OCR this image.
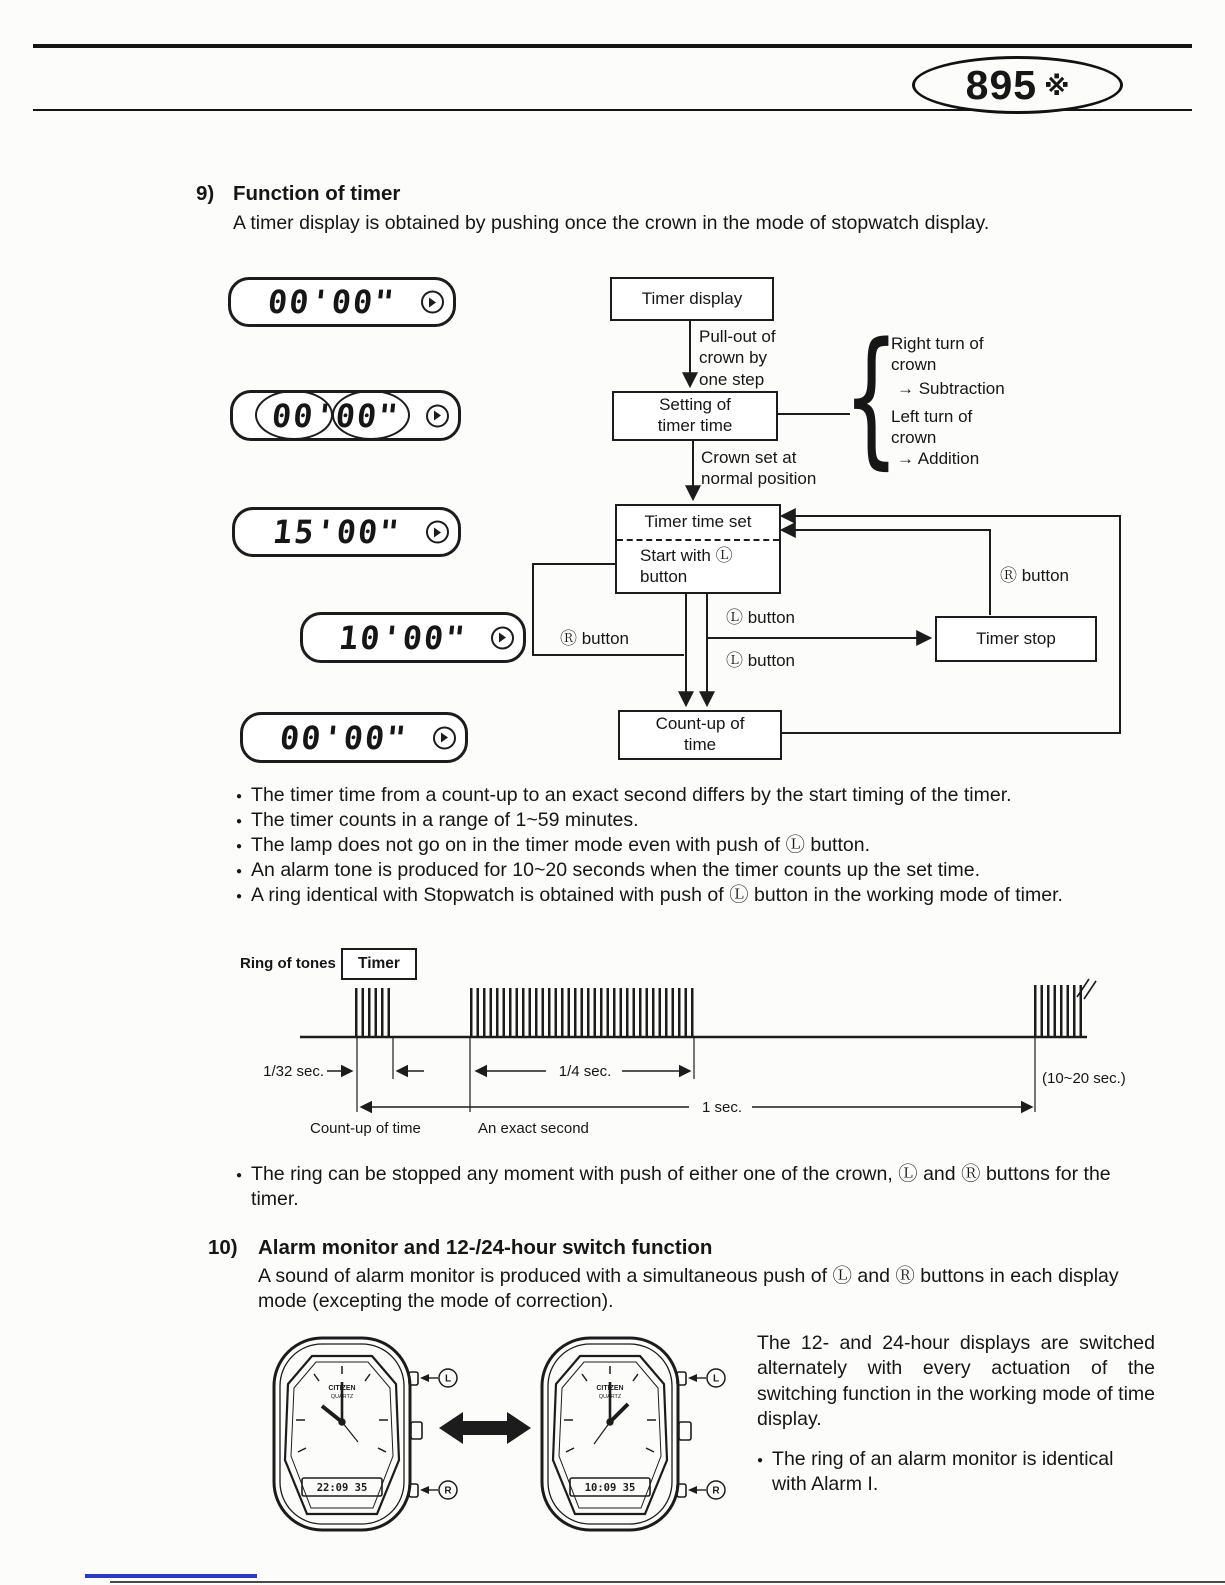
895 ※
9) Function of timer
A timer display is obtained by pushing once the crown in the mode of stopwatch display.
00'00"
00'00"
15'00"
10'00"
00'00"
Timer display
Setting of timer time
Timer time set
Start with Ⓛ button
Timer stop
Count-up of time
Pull-out of crown by one step
Crown set at normal position {
Right turn of crown
→ Subtraction
Left turn of crown
→ Addition
Ⓡ button
Ⓛ button
Ⓛ button
Ⓡ button
● The timer time from a count-up to an exact second differs by the start timing of the timer.
● The timer counts in a range of 1~59 minutes.
● The lamp does not go on in the timer mode even with push of Ⓛ button.
● An alarm tone is produced for 10~20 seconds when the timer counts up the set time.
● A ring identical with Stopwatch is obtained with push of Ⓛ button in the working mode of timer.
Ring of tones	Timer
1/32 sec.	1/4 sec.
1 sec.
(10~20 sec.)
Count-up of time	An exact second
● The ring can be stopped any moment with push of either one of the crown, Ⓛ and Ⓡ buttons for the timer.
10) Alarm monitor and 12-/24-hour switch function
A sound of alarm monitor is produced with a simultaneous push of Ⓛ and Ⓡ buttons in each display mode (excepting the mode of correction).
CITIZEN
QUARTZ
22:09 35
L
R
CITIZEN
QUARTZ
10:09 35
L
R
The 12- and 24-hour displays are switched alternately with every actuation of the switching function in the working mode of time display.
● The ring of an alarm monitor is identical with Alarm I.
